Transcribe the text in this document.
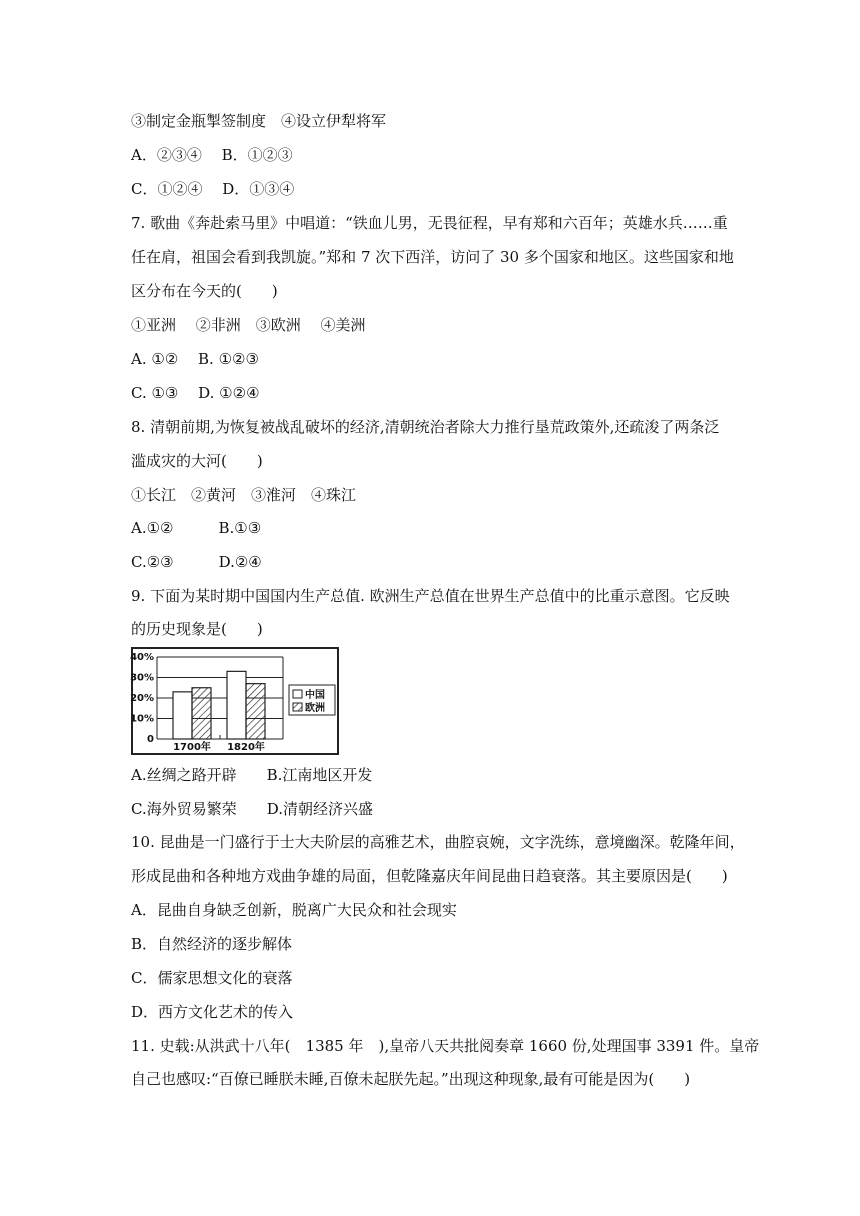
③制定金瓶掣签制度　④设立伊犁将军
A．②③④　 B．①②③
C．①②④　 D．①③④
7. 歌曲《奔赴索马里》中唱道：“铁血儿男，无畏征程，早有郑和六百年；英雄水兵……重
任在肩，祖国会看到我凯旋。”郑和 7 次下西洋，访问了 30 多个国家和地区。这些国家和地
区分布在今天的(　　)
①亚洲　 ②非洲　③欧洲　 ④美洲
A. ①②　 B. ①②③
C. ①③　 D. ①②④
8. 清朝前期,为恢复被战乱破坏的经济,清朝统治者除大力推行垦荒政策外,还疏浚了两条泛
滥成灾的大河(　　)
①长江　②黄河　③淮河　④珠江
A.①②　　　B.①③
C.②③　　　D.②④
9. 下面为某时期中国国内生产总值. 欧洲生产总值在世界生产总值中的比重示意图。它反映
的历史现象是(　　)
40%
30%
20%
10%
0
1700年 1820年
中国
欧洲
A.丝绸之路开辟　　B.江南地区开发
C.海外贸易繁荣　　D.清朝经济兴盛
10. 昆曲是一门盛行于士大夫阶层的高雅艺术，曲腔哀婉，文字洗练，意境幽深。乾隆年间，
形成昆曲和各种地方戏曲争雄的局面，但乾隆嘉庆年间昆曲日趋衰落。其主要原因是(　　)
A．昆曲自身缺乏创新，脱离广大民众和社会现实
B．自然经济的逐步解体
C．儒家思想文化的衰落
D．西方文化艺术的传入
11. 史载:从洪武十八年(　1385 年　),皇帝八天共批阅奏章 1660 份,处理国事 3391 件。皇帝
自己也感叹:“百僚已睡朕未睡,百僚未起朕先起。”出现这种现象,最有可能是因为(　　)
